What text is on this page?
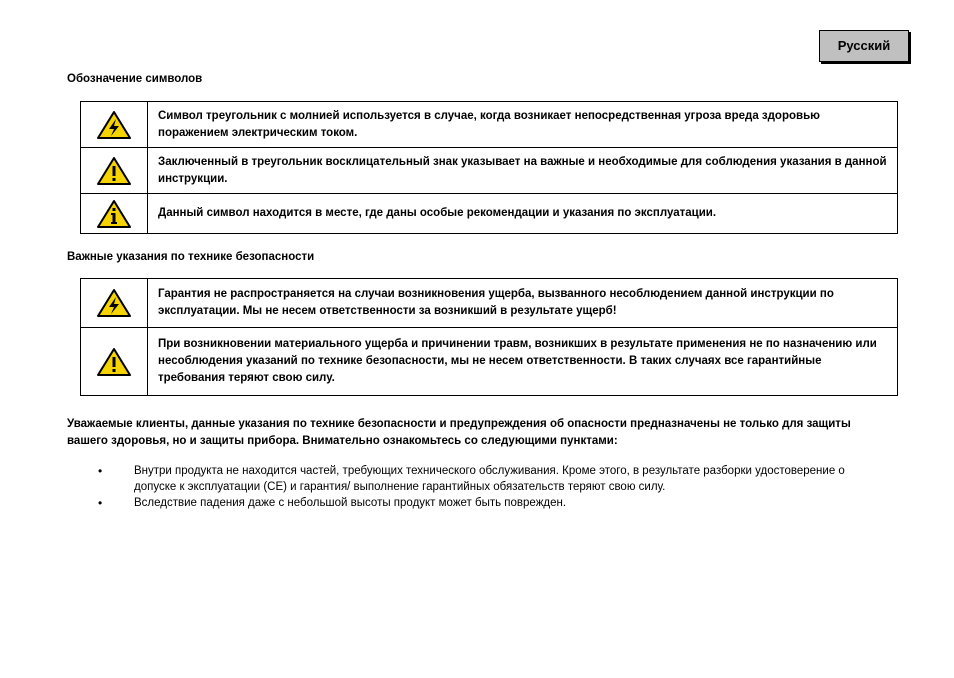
Русский
Обозначение символов
	Символ треугольник с молнией используется в случае, когда возникает непосредственная угроза вреда здоровью поражением электрическим током.

	Заключенный в треугольник восклицательный знак указывает на важные и необходимые для соблюдения указания в данной инструкции.

	Данный символ находится в месте, где даны особые рекомендации и указания по эксплуатации.
Важные указания по технике безопасности
	Гарантия не распространяется на случаи возникновения ущерба, вызванного несоблюдением данной инструкции по эксплуатации. Мы не несем ответственности за возникший в результате ущерб!

	При возникновении материального ущерба и причинении травм, возникших в результате применения не по назначению или несоблюдения указаний по технике безопасности, мы не несем ответственности. В таких случаях все гарантийные требования теряют свою силу.
Уважаемые клиенты, данные указания по технике безопасности и предупреждения об опасности предназначены не только для защиты вашего здоровья, но и защиты прибора. Внимательно ознакомьтесь со следующими пунктами:
•	Внутри продукта не находится частей, требующих технического обслуживания. Кроме этого, в результате разборки удостоверение о допуске к эксплуатации (CE) и гарантия/ выполнение гарантийных обязательств теряют свою силу.
•	Вследствие падения даже с небольшой высоты продукт может быть поврежден.
